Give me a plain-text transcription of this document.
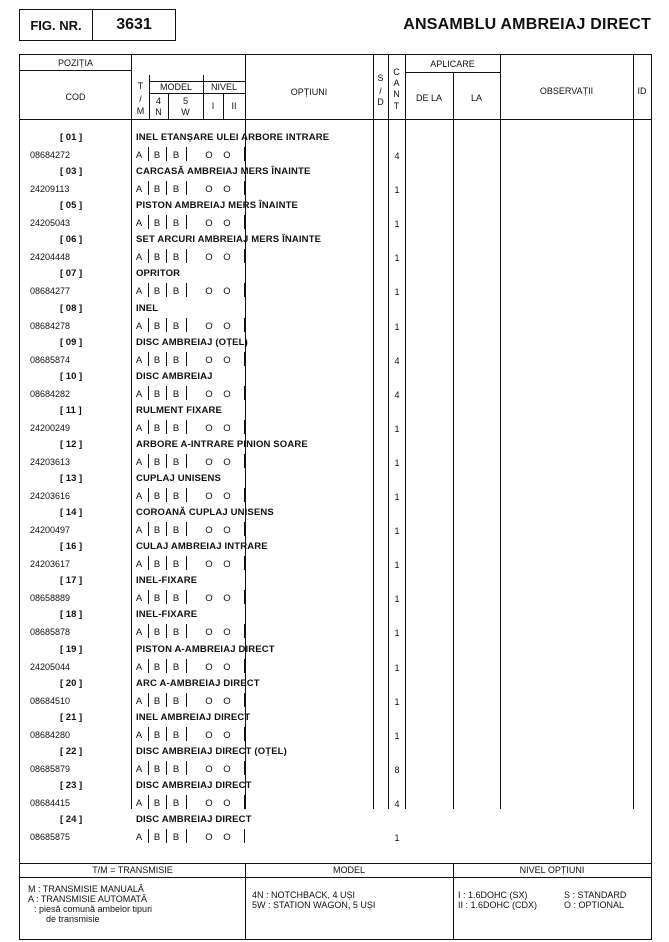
FIG. NR.	3631	ANSAMBLU AMBREIAJ DIRECT
POZIȚIA
COD
T
/
M
MODEL
4
N
5
W
NIVEL
I	II
OPȚIUNI
S
/
D
C
A
N
T
APLICARE
DE LA	LA
OBSERVAȚII	ID
[ 01 ]
08684272
INEL ETANȘARE ULEI ARBORE INTRARE
A	B	B	O	O	4
[ 03 ]
24209113
CARCASĂ AMBREIAJ MERS ÎNAINTE
A	B	B	O	O	1
[ 05 ]
24205043
PISTON AMBREIAJ MERS ÎNAINTE
A	B	B	O	O	1
[ 06 ]
24204448
SET ARCURI AMBREIAJ MERS ÎNAINTE
A	B	B	O	O	1
[ 07 ]
08684277
OPRITOR
A	B	B	O	O	1
[ 08 ]
08684278
INEL
A	B	B	O	O	1
[ 09 ]
08685874
DISC AMBREIAJ (OȚEL)
A	B	B	O	O	4
[ 10 ]
08684282
DISC AMBREIAJ
A	B	B	O	O	4
[ 11 ]
24200249
RULMENT FIXARE
A	B	B	O	O	1
[ 12 ]
24203613
ARBORE A-INTRARE PINION SOARE
A	B	B	O	O	1
[ 13 ]
24203616
CUPLAJ UNISENS
A	B	B	O	O	1
[ 14 ]
24200497
COROANĂ CUPLAJ UNISENS
A	B	B	O	O	1
[ 16 ]
24203617
CULAJ AMBREIAJ INTRARE
A	B	B	O	O	1
[ 17 ]
08658889
INEL-FIXARE
A	B	B	O	O	1
[ 18 ]
08685878
INEL-FIXARE
A	B	B	O	O	1
[ 19 ]
24205044
PISTON A-AMBREIAJ DIRECT
A	B	B	O	O	1
[ 20 ]
08684510
ARC A-AMBREIAJ DIRECT
A	B	B	O	O	1
[ 21 ]
08684280
INEL AMBREIAJ DIRECT
A	B	B	O	O	1
[ 22 ]
08685879
DISC AMBREIAJ DIRECT (OȚEL)
A	B	B	O	O	8
[ 23 ]
08684415
DISC AMBREIAJ DIRECT
A	B	B	O	O	4
[ 24 ]
08685875
DISC AMBREIAJ DIRECT
A	B	B	O	O	1
T/M = TRANSMISIE
M : TRANSMISIE MANUALĂ
A : TRANSMISIE AUTOMATĂ
: piesă comună ambelor tipuri
de transmisie
MODEL
4N : NOTCHBACK, 4 UȘI
5W : STATION WAGON, 5 UȘI
NIVEL OPȚIUNI
I : 1.6DOHC (SX)
II : 1.6DOHC (CDX)
S : STANDARD
O : OPTIONAL
